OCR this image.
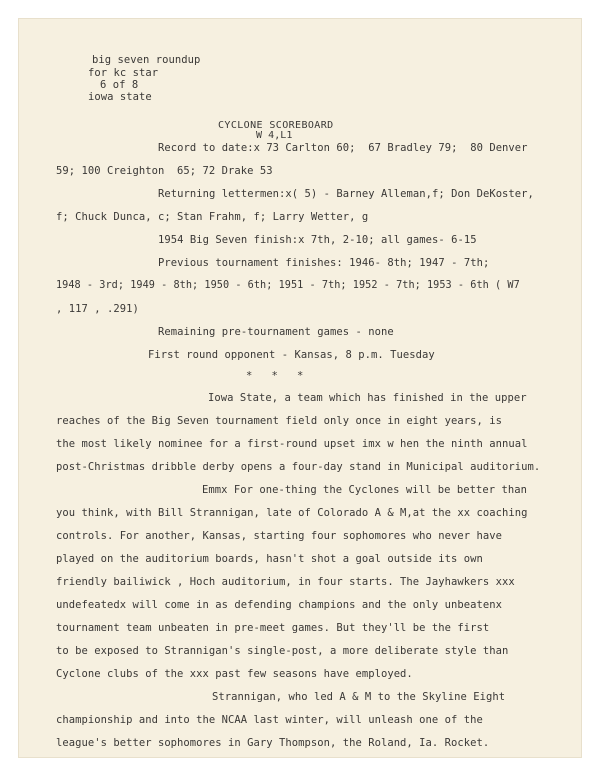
big seven roundup
for kc star
6 of 8
iowa state
CYCLONE SCOREBOARD
W 4,L1
Record to date:x 73 Carlton 60;  67 Bradley 79;  80 Denver
59; 100 Creighton  65; 72 Drake 53
Returning lettermen:x( 5) - Barney Alleman,f; Don DeKoster,
f; Chuck Dunca, c; Stan Frahm, f; Larry Wetter, g
1954 Big Seven finish:x 7th, 2-10; all games- 6-15
Previous tournament finishes: 1946- 8th; 1947 - 7th;
1948 - 3rd; 1949 - 8th; 1950 - 6th; 1951 - 7th; 1952 - 7th; 1953 - 6th ( W7
, 117 , .291)
Remaining pre-tournament games - none
First round opponent - Kansas, 8 p.m. Tuesday
*   *   *
Iowa State, a team which has finished in the upper
reaches of the Big Seven tournament field only once in eight years, is
the most likely nominee for a first-round upset imx w hen the ninth annual
post-Christmas dribble derby opens a four-day stand in Municipal auditorium.
Emmx For one-thing the Cyclones will be better than
you think, with Bill Strannigan, late of Colorado A & M,at the xx coaching
controls. For another, Kansas, starting four sophomores who never have
played on the auditorium boards, hasn't shot a goal outside its own
friendly bailiwick , Hoch auditorium, in four starts. The Jayhawkers xxx
undefeatedx will come in as defending champions and the only unbeatenx
tournament team unbeaten in pre-meet games. But they'll be the first
to be exposed to Strannigan's single-post, a more deliberate style than
Cyclone clubs of the xxx past few seasons have employed.
Strannigan, who led A & M to the Skyline Eight
championship and into the NCAA last winter, will unleash one of the
league's better sophomores in Gary Thompson, the Roland, Ia. Rocket.
